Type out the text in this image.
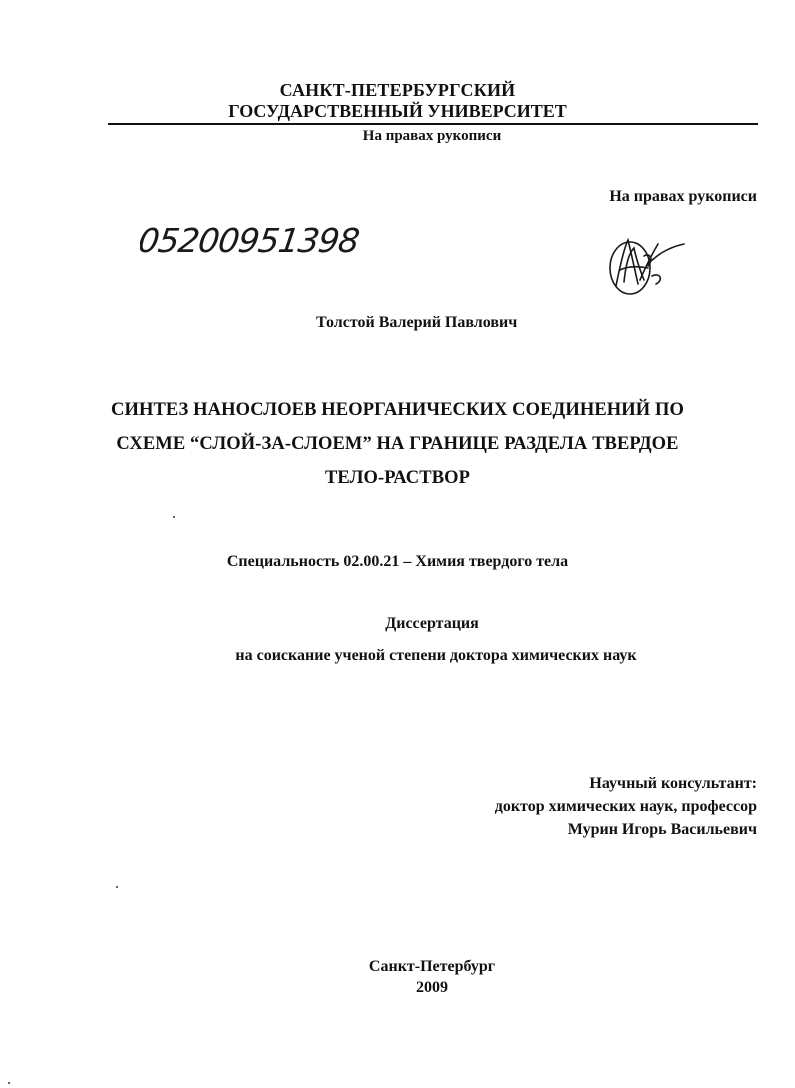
САНКТ-ПЕТЕРБУРГСКИЙ
ГОСУДАРСТВЕННЫЙ УНИВЕРСИТЕТ
На правах рукописи
На правах рукописи
05200951398
Толстой Валерий Павлович
СИНТЕЗ НАНОСЛОЕВ НЕОРГАНИЧЕСКИХ СОЕДИНЕНИЙ ПО
СХЕМЕ “СЛОЙ-ЗА-СЛОЕМ” НА ГРАНИЦЕ РАЗДЕЛА ТВЕРДОЕ
ТЕЛО-РАСТВОР
Специальность 02.00.21 – Химия твердого тела
Диссертация
на соискание ученой степени доктора химических наук
Научный консультант:
доктор химических наук, профессор
Мурин Игорь Васильевич
Санкт-Петербург
2009
